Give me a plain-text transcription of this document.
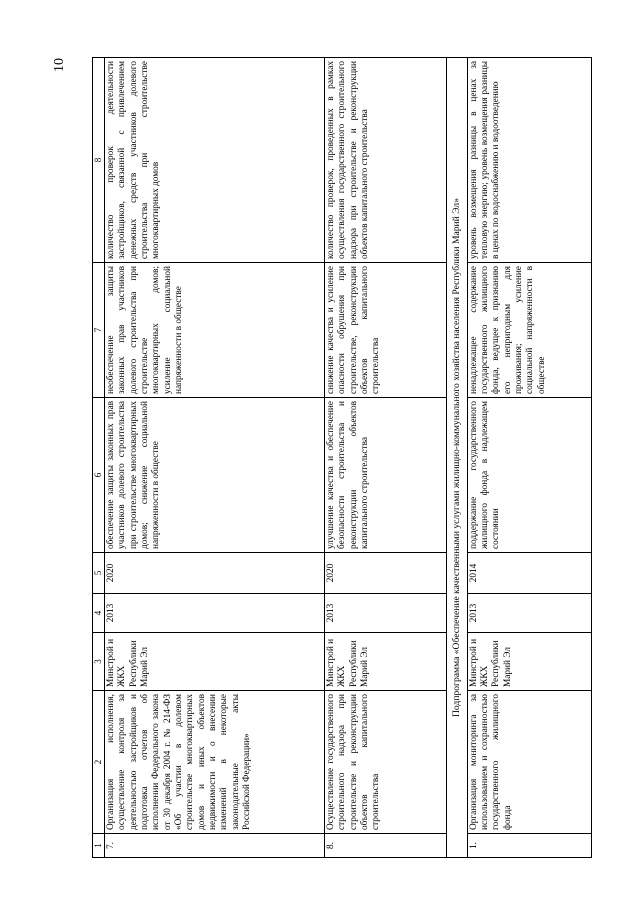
10
1	2	3	4	5	6	7	8
7.	Организация исполнения, осуществление контроля за деятельностью застройщиков и подготовка отчетов об исполнении Федерального закона от 30 декабря 2004 г. № 214-ФЗ «Об участии в долевом строительстве многоквартирных домов и иных объектов недвижимости и о внесении изменений в некоторые законодательные акты Российской Федерации»	Минстрой и ЖКХ Республики Марий Эл	2013	2020	обеспечение защиты законных прав участников долевого строительства при строительстве многоквартирных домов; снижение социальной напряженности в обществе	необеспечение защиты законных прав участников долевого строительства при строительстве многоквартирных домов; усиление социальной напряженности в обществе	количество проверок деятельности застройщиков, связанной с привлечением денежных средств участников долевого строительства при строительстве многоквартирных домов
8.	Осуществление государственного строительного надзора при строительстве и реконструкции объектов капитального строительства	Минстрой и ЖКХ Республики Марий Эл	2013	2020	улучшение качества и обеспечение безопасности строительства и реконструкции объектов капитального строительства	снижение качества и усиление опасности обрушения при строительстве, реконструкции объектов капитального строительства	количество проверок, проведенных в рамках осуществления государственного строительного надзора при строительстве и реконструкции объектов капитального строительства
Подпрограмма «Обеспечение качественными услугами жилищно-коммунального хозяйства населения Республики Марий Эл»							
1.	Организация мониторинга за использованием и сохранностью государственного жилищного фонда	Минстрой и ЖКХ Республики Марий Эл	2013	2014	поддержание государственного жилищного фонда в надлежащем состоянии	ненадлежащее содержание государственного жилищного фонда, ведущее к признанию его непригодным для проживания; усиление социальной напряженности в обществе	уровень возмещения разницы в ценах за тепловую энергию; уровень возмещения разницы в ценах по водоснабжению и водоотведению
